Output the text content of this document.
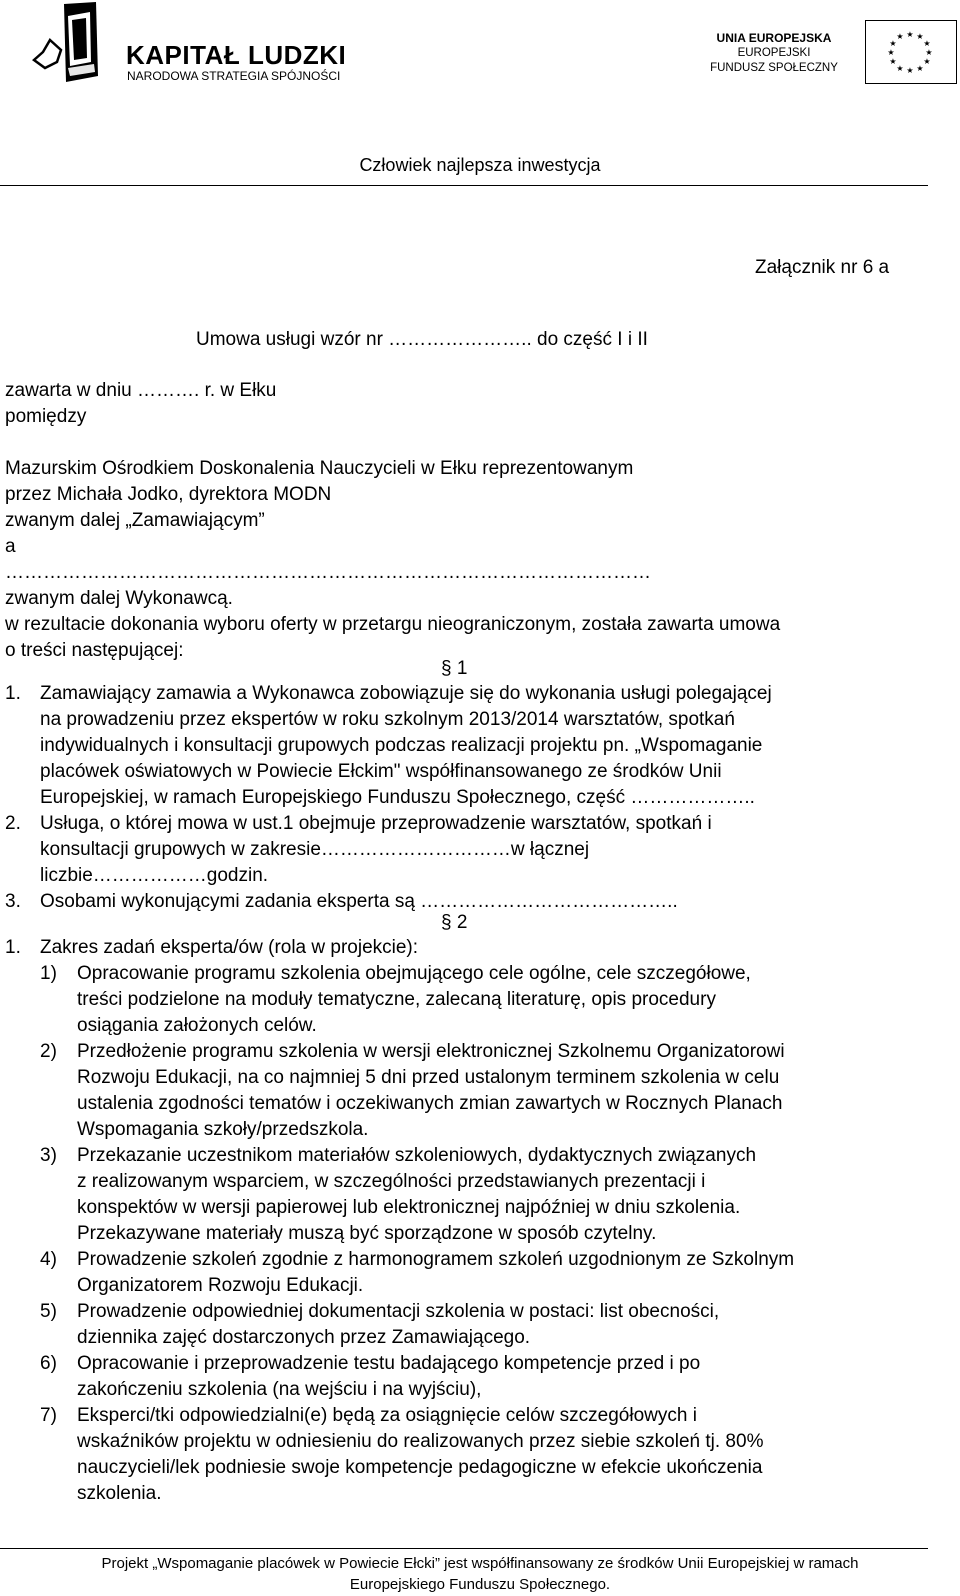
KAPITAŁ LUDZKI
NARODOWA STRATEGIA SPÓJNOŚCI
UNIA EUROPEJSKA
EUROPEJSKI
FUNDUSZ SPOŁECZNY
★ ★
★
★
★
★
★
★
★
★
★
★
Człowiek najlepsza inwestycja
Załącznik nr 6 a
Umowa usługi wzór nr ………………….. do część I i II
zawarta w dniu ………. r. w Ełku
pomiędzy
Mazurskim Ośrodkiem Doskonalenia Nauczycieli w Ełku reprezentowanym
przez Michała Jodko, dyrektora MODN
zwanym dalej „Zamawiającym”
a
…………………………………………………………………………………………
zwanym dalej Wykonawcą.
w rezultacie dokonania wyboru oferty w przetargu nieograniczonym, została zawarta umowa
o treści następującej:
§ 1
1. Zamawiający zamawia a Wykonawca zobowiązuje się do wykonania usługi polegającej
na prowadzeniu przez ekspertów w roku szkolnym 2013/2014 warsztatów, spotkań
indywidualnych i konsultacji grupowych podczas realizacji projektu pn. „Wspomaganie
placówek oświatowych w Powiecie Ełckim" współfinansowanego ze środków Unii
Europejskiej, w ramach Europejskiego Funduszu Społecznego, część ………………..
2. Usługa, o której mowa w ust.1 obejmuje przeprowadzenie warsztatów, spotkań i
konsultacji grupowych w zakresie…………………………w łącznej
liczbie………………godzin.
3. Osobami wykonującymi zadania eksperta są …………………………………..
§ 2
1. Zakres zadań eksperta/ów (rola w projekcie):
1) Opracowanie programu szkolenia obejmującego cele ogólne, cele szczegółowe,
treści podzielone na moduły tematyczne, zalecaną literaturę, opis procedury
osiągania założonych celów.
2) Przedłożenie programu szkolenia w wersji elektronicznej Szkolnemu Organizatorowi
Rozwoju Edukacji, na co najmniej 5 dni przed ustalonym terminem szkolenia w celu
ustalenia zgodności tematów i oczekiwanych zmian zawartych w Rocznych Planach
Wspomagania szkoły/przedszkola.
3) Przekazanie uczestnikom materiałów szkoleniowych, dydaktycznych związanych
z realizowanym wsparciem, w szczególności przedstawianych prezentacji i
konspektów w wersji papierowej lub elektronicznej najpóźniej w dniu szkolenia.
Przekazywane materiały muszą być sporządzone w sposób czytelny.
4) Prowadzenie szkoleń zgodnie z harmonogramem szkoleń uzgodnionym ze Szkolnym
Organizatorem Rozwoju Edukacji.
5) Prowadzenie odpowiedniej dokumentacji szkolenia w postaci: list obecności,
dziennika zajęć dostarczonych przez Zamawiającego.
6) Opracowanie i przeprowadzenie testu badającego kompetencje przed i po
zakończeniu szkolenia (na wejściu i na wyjściu),
7) Eksperci/tki odpowiedzialni(e) będą za osiągnięcie celów szczegółowych i
wskaźników projektu w odniesieniu do realizowanych przez siebie szkoleń tj. 80%
nauczycieli/lek podniesie swoje kompetencje pedagogiczne w efekcie ukończenia
szkolenia.
Projekt „Wspomaganie placówek w Powiecie Ełcki” jest współfinansowany ze środków Unii Europejskiej w ramach
Europejskiego Funduszu Społecznego.
